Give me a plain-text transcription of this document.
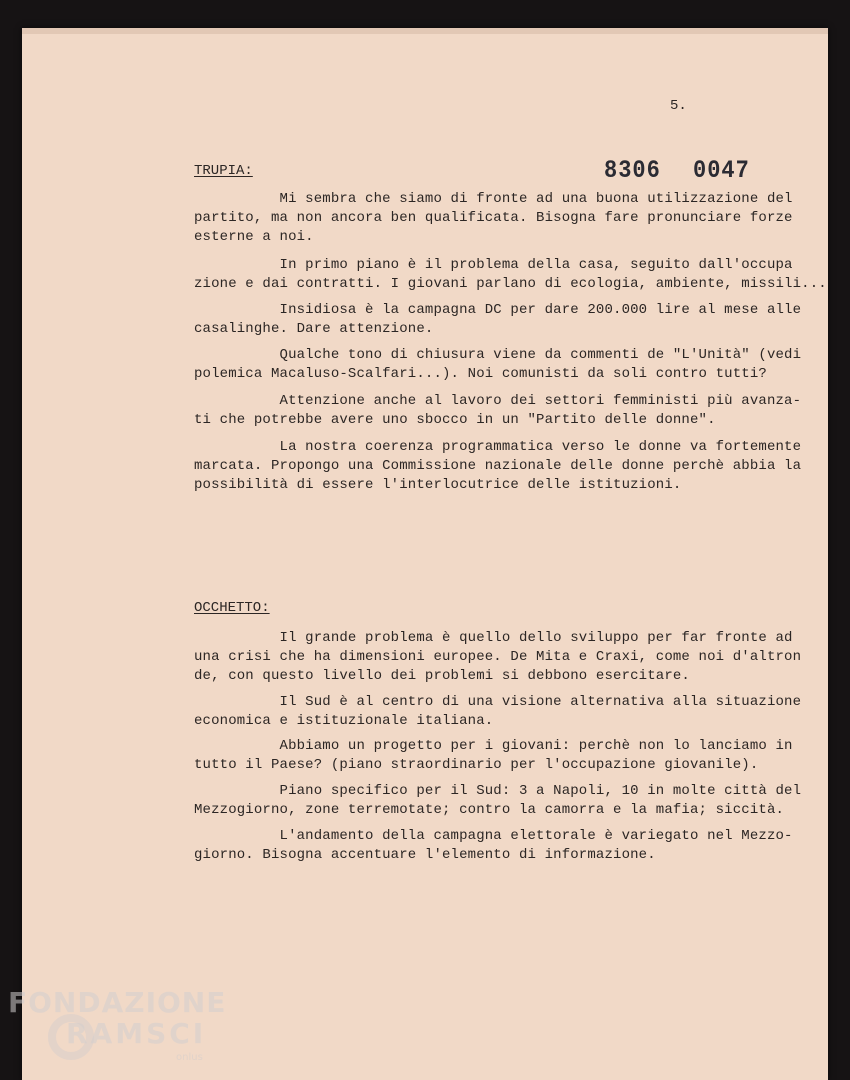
5.
8306 0047
TRUPIA:

Mi sembra che siamo di fronte ad una buona utilizzazione del
partito, ma non ancora ben qualificata. Bisogna fare pronunciare forze
esterne a noi.

In primo piano è il problema della casa, seguito dall'occupa
zione e dai contratti. I giovani parlano di ecologia, ambiente, missili...

Insidiosa è la campagna DC per dare 200.000 lire al mese alle
casalinghe. Dare attenzione.

Qualche tono di chiusura viene da commenti de "L'Unità" (vedi
polemica Macaluso-Scalfari...). Noi comunisti da soli contro tutti?

Attenzione anche al lavoro dei settori femministi più avanza-
ti che potrebbe avere uno sbocco in un "Partito delle donne".

La nostra coerenza programmatica verso le donne va fortemente
marcata. Propongo una Commissione nazionale delle donne perchè abbia la
possibilità di essere l'interlocutrice delle istituzioni.

OCCHETTO:

Il grande problema è quello dello sviluppo per far fronte ad
una crisi che ha dimensioni europee. De Mita e Craxi, come noi d'altron
de, con questo livello dei problemi si debbono esercitare.

Il Sud è al centro di una visione alternativa alla situazione
economica e istituzionale italiana.

Abbiamo un progetto per i giovani: perchè non lo lanciamo in
tutto il Paese? (piano straordinario per l'occupazione giovanile).

Piano specifico per il Sud: 3 a Napoli, 10 in molte città del
Mezzogiorno, zone terremotate; contro la camorra e la mafia; siccità.

L'andamento della campagna elettorale è variegato nel Mezzo-
giorno. Bisogna accentuare l'elemento di informazione.

FONDAZIONE
RAMSCI
onlus
